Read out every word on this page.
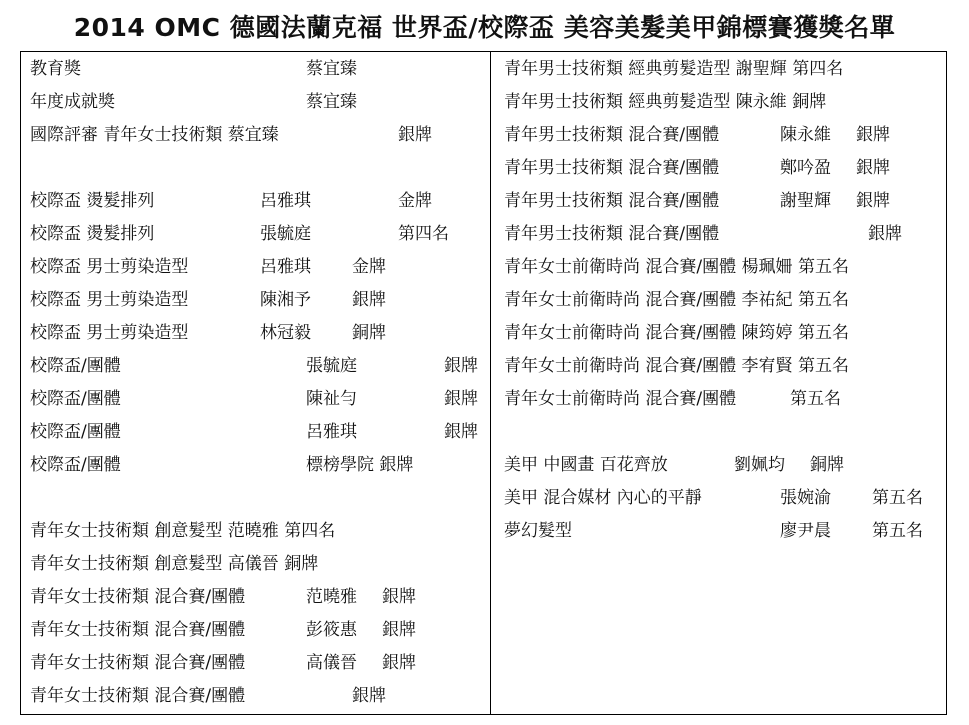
2014 OMC 德國法蘭克福 世界盃/校際盃 美容美髮美甲錦標賽獲獎名單
教育獎	蔡宜臻
年度成就獎	蔡宜臻
國際評審 青年女士技術類 蔡宜臻	銀牌
校際盃 燙髮排列	呂雅琪	金牌
校際盃 燙髮排列	張毓庭	第四名
校際盃 男士剪染造型	呂雅琪 金牌
校際盃 男士剪染造型	陳湘予 銀牌
校際盃 男士剪染造型	林冠毅 銅牌
校際盃/團體	張毓庭	銀牌
校際盃/團體	陳祉勻	銀牌
校際盃/團體	呂雅琪	銀牌
校際盃/團體	標榜學院 銀牌
青年女士技術類 創意髮型 范曉雅 第四名
青年女士技術類 創意髮型 高儀晉 銅牌
青年女士技術類 混合賽/團體	范曉雅 銀牌
青年女士技術類 混合賽/團體	彭筱惠 銀牌
青年女士技術類 混合賽/團體	高儀晉 銀牌
青年女士技術類 混合賽/團體	銀牌
青年男士技術類 經典剪髮造型 謝聖輝 第四名
青年男士技術類 經典剪髮造型 陳永維 銅牌
青年男士技術類 混合賽/團體	陳永維 銀牌
青年男士技術類 混合賽/團體	鄭吟盈 銀牌
青年男士技術類 混合賽/團體	謝聖輝 銀牌
青年男士技術類 混合賽/團體	銀牌
青年女士前衛時尚 混合賽/團體 楊珮姍 第五名
青年女士前衛時尚 混合賽/團體 李祐紀 第五名
青年女士前衛時尚 混合賽/團體 陳筠婷 第五名
青年女士前衛時尚 混合賽/團體 李宥賢 第五名
青年女士前衛時尚 混合賽/團體	第五名
美甲 中國畫 百花齊放	劉姵均 銅牌
美甲 混合媒材 內心的平靜	張婉渝 第五名
夢幻髮型	廖尹晨 第五名
